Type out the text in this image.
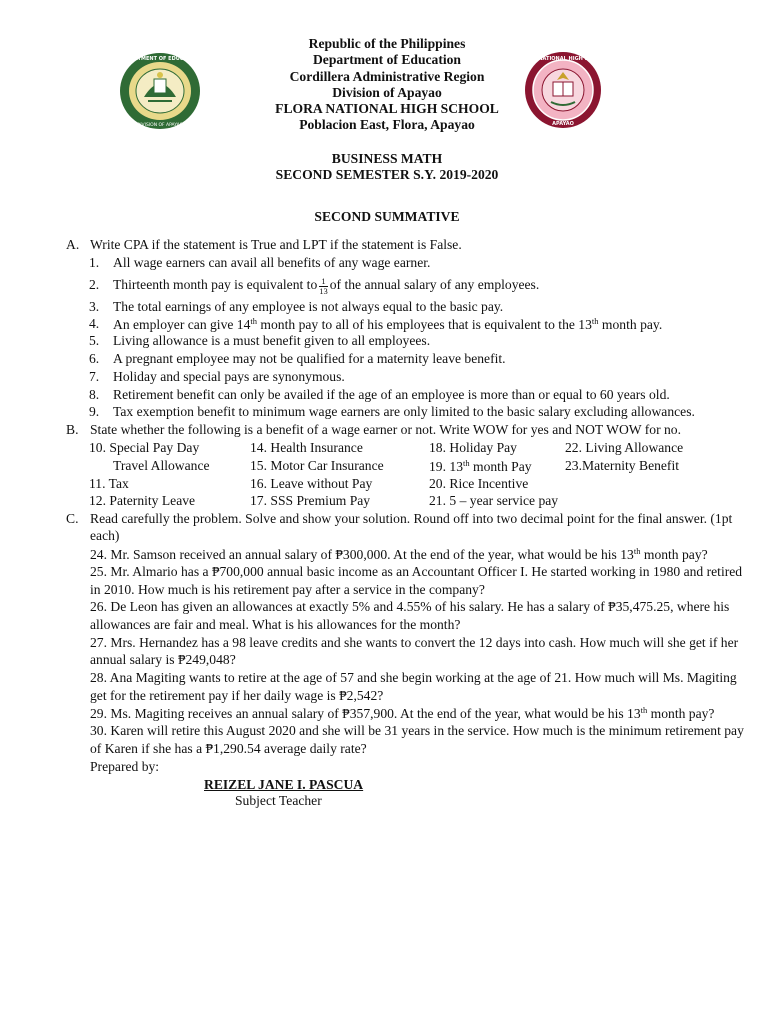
DEPARTMENT OF EDUCATION
DIVISION OF APAYAO
FLORA NATIONAL HIGH SCHOOL
APAYAO
Republic of the Philippines
Department of Education
Cordillera Administrative Region
Division of Apayao
FLORA NATIONAL HIGH SCHOOL
Poblacion East, Flora, Apayao
BUSINESS MATH
SECOND SEMESTER S.Y. 2019-2020
SECOND SUMMATIVE
A. Write CPA if the statement is True and LPT if the statement is False.
1. All wage earners can avail all benefits of any wage earner.
2. Thirteenth month pay is equivalent to $\frac{1}{13}$ of the annual salary of any employees.
3. The total earnings of any employee is not always equal to the basic pay.
4. An employer can give 14th month pay to all of his employees that is equivalent to the 13th month pay.
5. Living allowance is a must benefit given to all employees.
6. A pregnant employee may not be qualified for a maternity leave benefit.
7. Holiday and special pays are synonymous.
8. Retirement benefit can only be availed if the age of an employee is more than or equal to 60 years old.
9. Tax exemption benefit to minimum wage earners are only limited to the basic salary excluding allowances.
B. State whether the following is a benefit of a wage earner or not. Write WOW for yes and NOT WOW for no.
10. Special Pay Day	14. Health Insurance	18. Holiday Pay	22. Living Allowance
Travel Allowance	15. Motor Car Insurance	19. 13th month Pay 23.Maternity Benefit
11. Tax	16. Leave without Pay	20. Rice Incentive
12. Paternity Leave	17. SSS Premium Pay	21. 5 – year service pay
C. Read carefully the problem. Solve and show your solution. Round off into two decimal point for the final answer. (1pt
each)
24. Mr. Samson received an annual salary of ₱300,000. At the end of the year, what would be his 13th month pay?
25. Mr. Almario has a ₱700,000 annual basic income as an Accountant Officer I. He started working in 1980 and retired
in 2010. How much is his retirement pay after a service in the company?
26. De Leon has given an allowances at exactly 5% and 4.55% of his salary. He has a salary of ₱35,475.25, where his
allowances are fair and meal. What is his allowances for the month?
27. Mrs. Hernandez has a 98 leave credits and she wants to convert the 12 days into cash. How much will she get if her
annual salary is ₱249,048?
28. Ana Magiting wants to retire at the age of 57 and she begin working at the age of 21. How much will Ms. Magiting
get for the retirement pay if her daily wage is ₱2,542?
29. Ms. Magiting receives an annual salary of ₱357,900. At the end of the year, what would be his 13th month pay?
30. Karen will retire this August 2020 and she will be 31 years in the service. How much is the minimum retirement pay
of Karen if she has a ₱1,290.54 average daily rate?
Prepared by:
REIZEL JANE I. PASCUA
Subject Teacher
